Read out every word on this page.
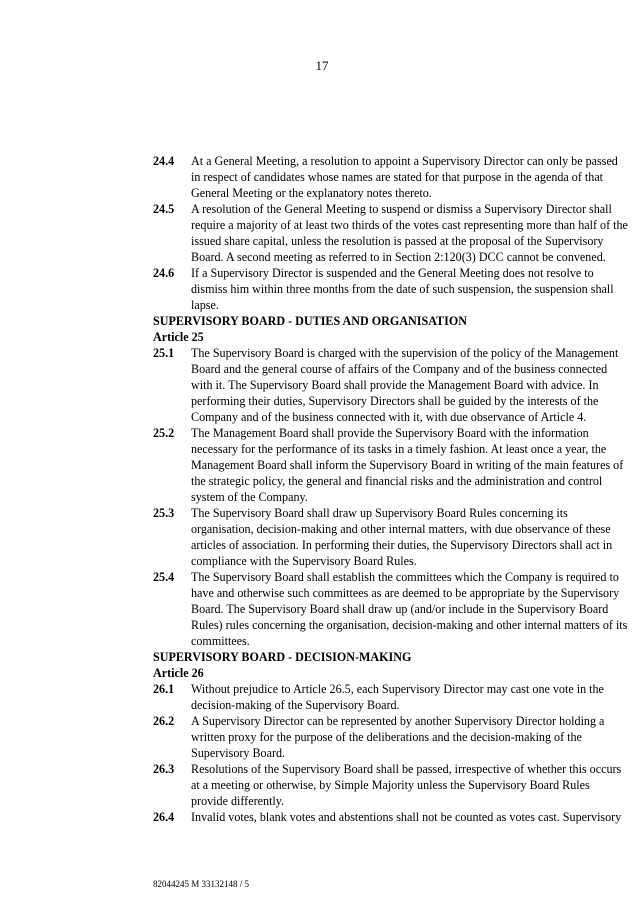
17
24.4	At a General Meeting, a resolution to appoint a Supervisory Director can only be passed in respect of candidates whose names are stated for that purpose in the agenda of that General Meeting or the explanatory notes thereto.
24.5	A resolution of the General Meeting to suspend or dismiss a Supervisory Director shall require a majority of at least two thirds of the votes cast representing more than half of the issued share capital, unless the resolution is passed at the proposal of the Supervisory Board. A second meeting as referred to in Section 2:120(3) DCC cannot be convened.
24.6	If a Supervisory Director is suspended and the General Meeting does not resolve to dismiss him within three months from the date of such suspension, the suspension shall lapse.
SUPERVISORY BOARD - DUTIES AND ORGANISATION
Article 25
25.1	The Supervisory Board is charged with the supervision of the policy of the Management Board and the general course of affairs of the Company and of the business connected with it. The Supervisory Board shall provide the Management Board with advice. In performing their duties, Supervisory Directors shall be guided by the interests of the Company and of the business connected with it, with due observance of Article 4.
25.2	The Management Board shall provide the Supervisory Board with the information necessary for the performance of its tasks in a timely fashion. At least once a year, the Management Board shall inform the Supervisory Board in writing of the main features of the strategic policy, the general and financial risks and the administration and control system of the Company.
25.3	The Supervisory Board shall draw up Supervisory Board Rules concerning its organisation, decision-making and other internal matters, with due observance of these articles of association. In performing their duties, the Supervisory Directors shall act in compliance with the Supervisory Board Rules.
25.4	The Supervisory Board shall establish the committees which the Company is required to have and otherwise such committees as are deemed to be appropriate by the Supervisory Board. The Supervisory Board shall draw up (and/or include in the Supervisory Board Rules) rules concerning the organisation, decision-making and other internal matters of its committees.
SUPERVISORY BOARD - DECISION-MAKING
Article 26
26.1	Without prejudice to Article 26.5, each Supervisory Director may cast one vote in the decision-making of the Supervisory Board.
26.2	A Supervisory Director can be represented by another Supervisory Director holding a written proxy for the purpose of the deliberations and the decision-making of the Supervisory Board.
26.3	Resolutions of the Supervisory Board shall be passed, irrespective of whether this occurs at a meeting or otherwise, by Simple Majority unless the Supervisory Board Rules provide differently.
26.4	Invalid votes, blank votes and abstentions shall not be counted as votes cast. Supervisory
82044245 M 33132148 / 5
